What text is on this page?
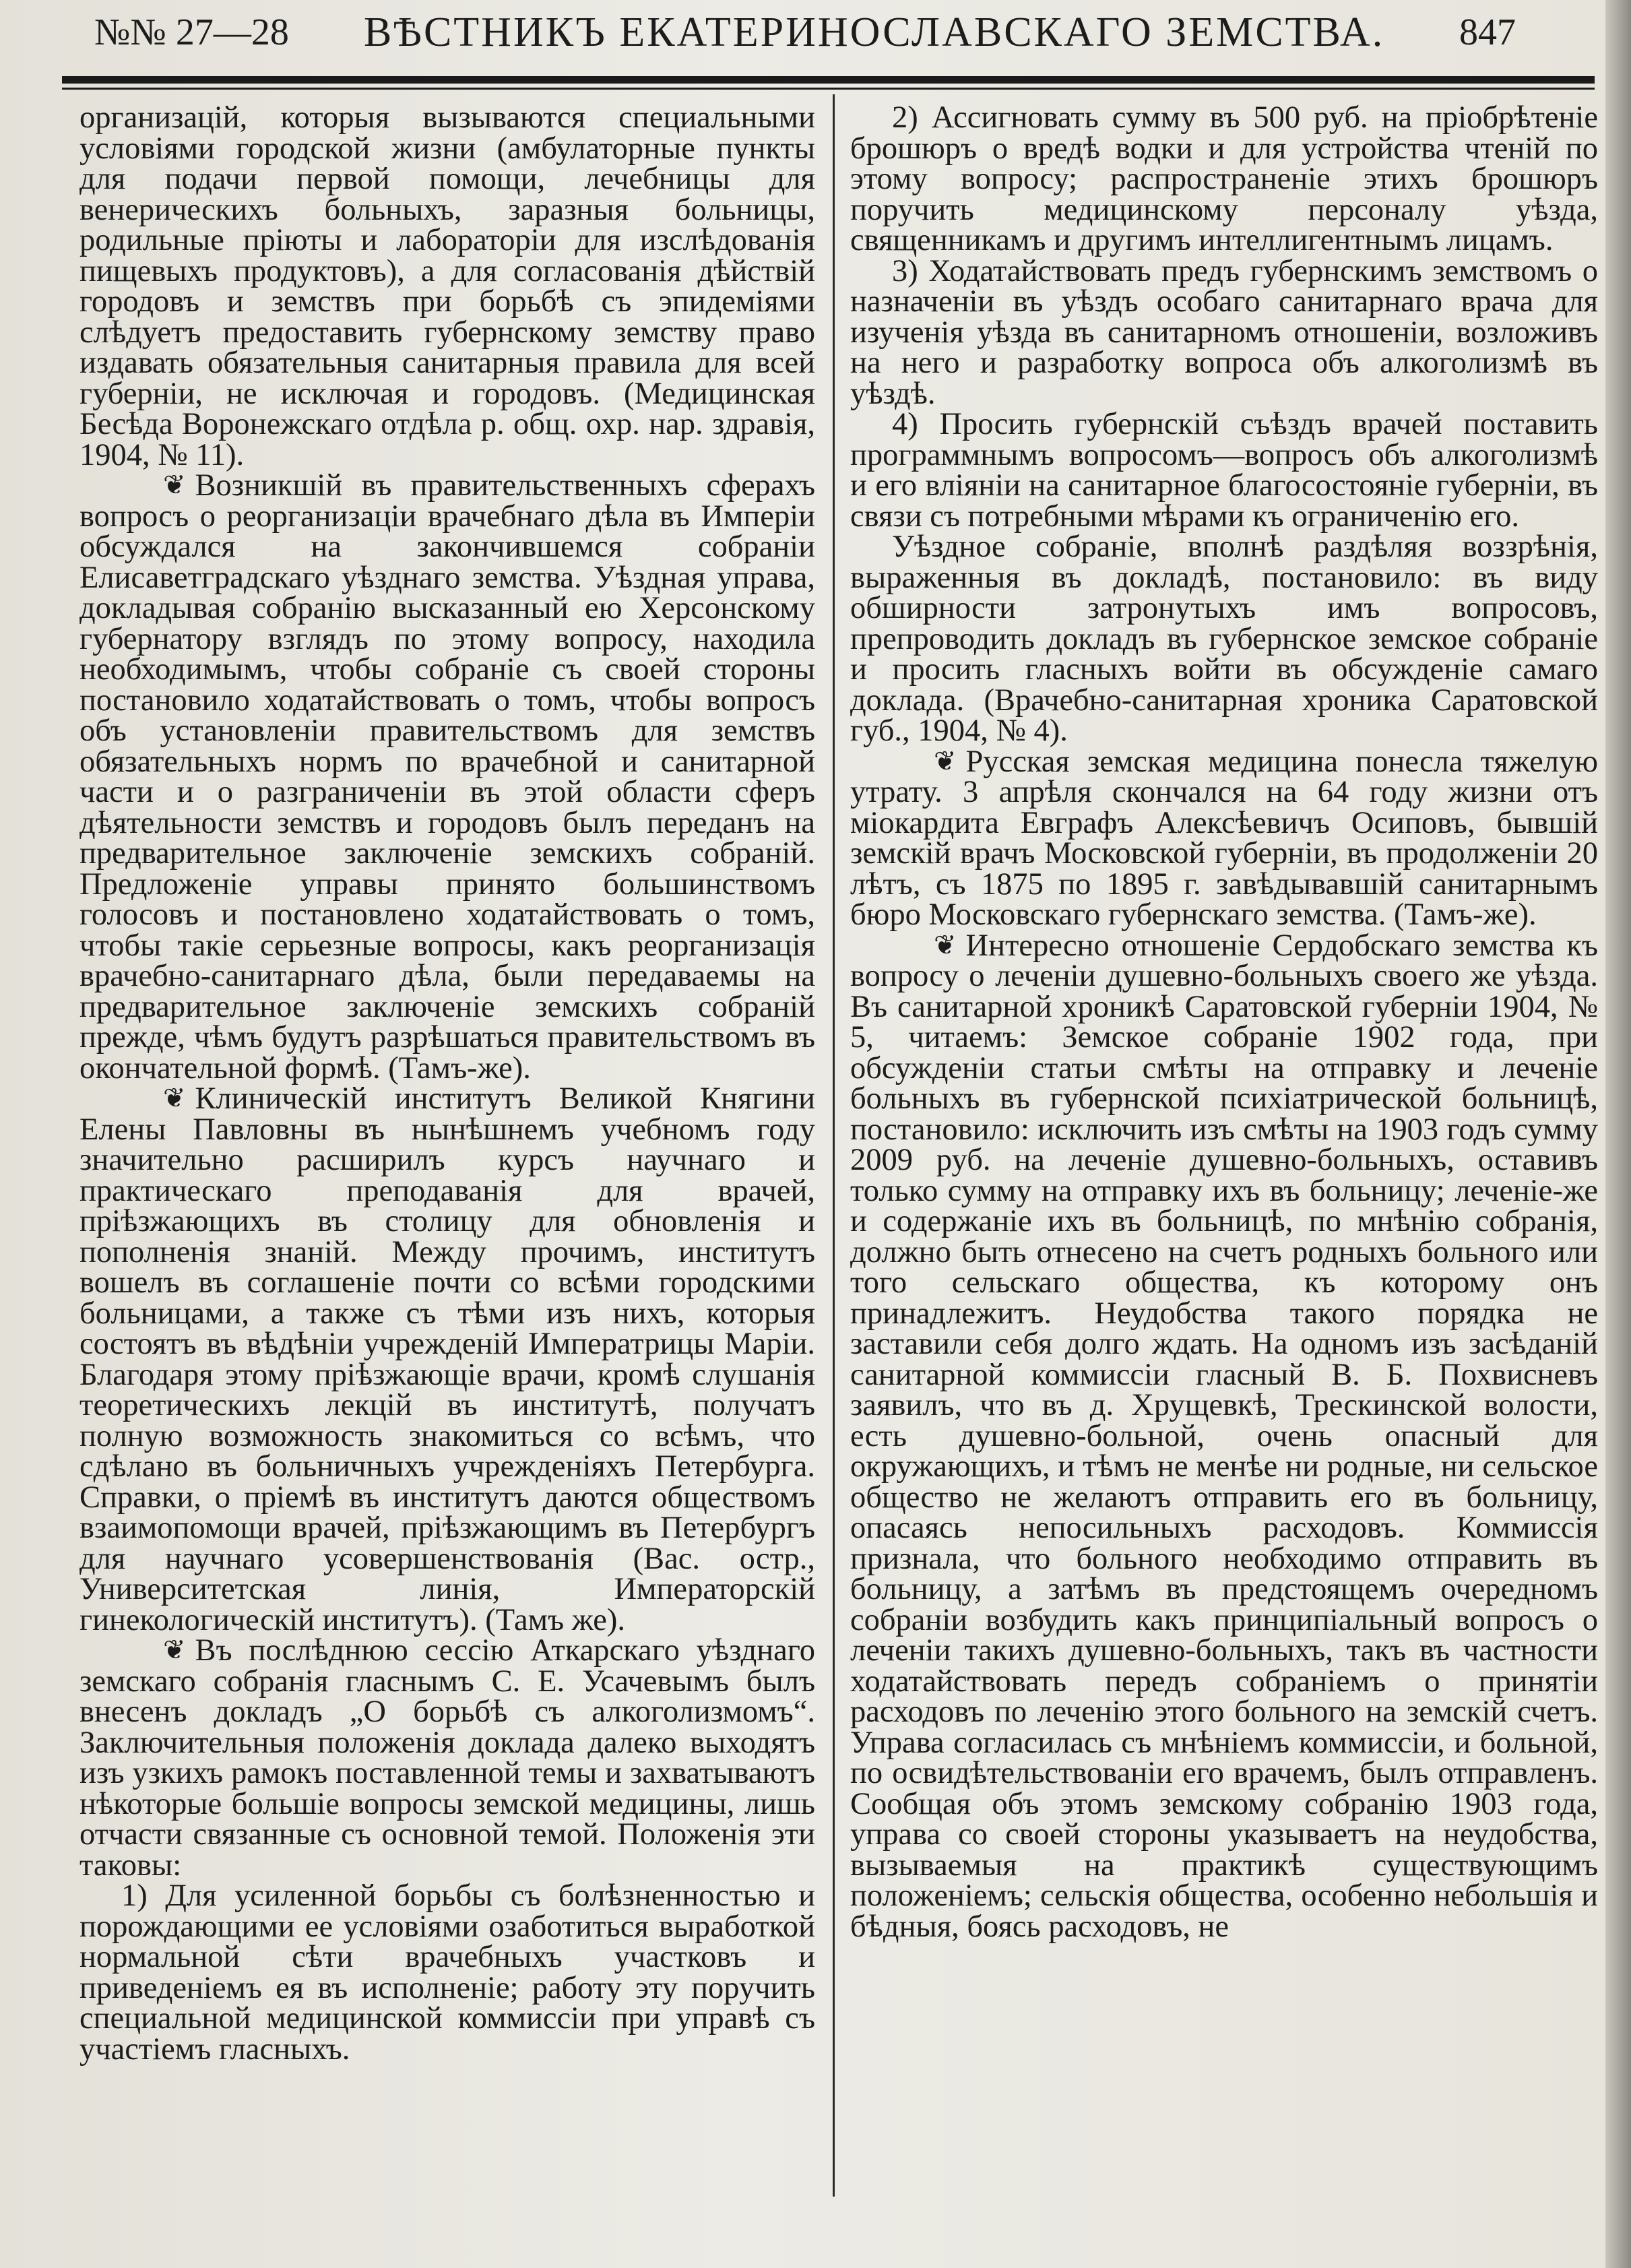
№№ 27—28 ВѢСТНИКЪ ЕКАТЕРИНОСЛАВСКАГО ЗЕМСТВА. 847

организацій, которыя вызываются специальными условіями городской жизни (амбулаторные пункты для подачи первой помощи, лечебницы для венерическихъ больныхъ, заразныя больницы, родильные пріюты и лабораторіи для изслѣдованія пищевыхъ продуктовъ), а для согласованія дѣйствій городовъ и земствъ при борьбѣ съ эпидеміями слѣдуетъ предоставить губернскому земству право издавать обязательныя санитарныя правила для всей губерніи, не исключая и городовъ. (Медицинская Бесѣда Воронежскаго отдѣла р. общ. охр. нар. здравія, 1904, № 11).

❦ Возникшій въ правительственныхъ сферахъ вопросъ о реорганизаціи врачебнаго дѣла въ Имперіи обсуждался на закончившемся собраніи Елисаветградскаго уѣзднаго земства. Уѣздная управа, докладывая собранію высказанный ею Херсонскому губернатору взглядъ по этому вопросу, находила необходимымъ, чтобы собраніе съ своей стороны постановило ходатайствовать о томъ, чтобы вопросъ объ установленіи правительствомъ для земствъ обязательныхъ нормъ по врачебной и санитарной части и о разграниченіи въ этой области сферъ дѣятельности земствъ и городовъ былъ переданъ на предварительное заключеніе земскихъ собраній. Предложеніе управы принято большинствомъ голосовъ и постановлено ходатайствовать о томъ, чтобы такіе серьезные вопросы, какъ реорганизація врачебно-санитарнаго дѣла, были передаваемы на предварительное заключеніе земскихъ собраній прежде, чѣмъ будутъ разрѣшаться правительствомъ въ окончательной формѣ. (Тамъ-же).

❦ Клиническій институтъ Великой Княгини Елены Павловны въ нынѣшнемъ учебномъ году значительно расширилъ курсъ научнаго и практическаго преподаванія для врачей, пріѣзжающихъ въ столицу для обновленія и пополненія знаній. Между прочимъ, институтъ вошелъ въ соглашеніе почти со всѣми городскими больницами, а также съ тѣми изъ нихъ, которыя состоятъ въ вѣдѣніи учрежденій Императрицы Маріи. Благодаря этому пріѣзжающіе врачи, кромѣ слушанія теоретическихъ лекцій въ институтѣ, получатъ полную возможность знакомиться со всѣмъ, что сдѣлано въ больничныхъ учрежденіяхъ Петербурга. Справки, о пріемѣ въ институтъ даются обществомъ взаимопомощи врачей, пріѣзжающимъ въ Петербургъ для научнаго усовершенствованія (Вас. остр., Университетская линія, Императорскій гинекологическій институтъ). (Тамъ же).

❦ Въ послѣднюю сессію Аткарскаго уѣзднаго земскаго собранія гласнымъ С. Е. Усачевымъ былъ внесенъ докладъ „О борьбѣ съ алкоголизмомъ“. Заключительныя положенія доклада далеко выходятъ изъ узкихъ рамокъ поставленной темы и захватываютъ нѣкоторые большіе вопросы земской медицины, лишь отчасти связанные съ основной темой. Положенія эти таковы:

1) Для усиленной борьбы съ болѣзненностью и порождающими ее условіями озаботиться выработкой нормальной сѣти врачебныхъ участковъ и приведеніемъ ея въ исполненіе; работу эту поручить специальной медицинской коммиссіи при управѣ съ участіемъ гласныхъ.

2) Ассигновать сумму въ 500 руб. на пріобрѣтеніе брошюръ о вредѣ водки и для устройства чтеній по этому вопросу; распространеніе этихъ брошюръ поручить медицинскому персоналу уѣзда, священникамъ и другимъ интеллигентнымъ лицамъ.

3) Ходатайствовать предъ губернскимъ земствомъ о назначеніи въ уѣздъ особаго санитарнаго врача для изученія уѣзда въ санитарномъ отношеніи, возложивъ на него и разработку вопроса объ алкоголизмѣ въ уѣздѣ.

4) Просить губернскій съѣздъ врачей поставить программнымъ вопросомъ—вопросъ объ алкоголизмѣ и его вліяніи на санитарное благосостояніе губерніи, въ связи съ потребными мѣрами къ ограниченію его.

Уѣздное собраніе, вполнѣ раздѣляя воззрѣнія, выраженныя въ докладѣ, постановило: въ виду обширности затронутыхъ имъ вопросовъ, препроводить докладъ въ губернское земское собраніе и просить гласныхъ войти въ обсужденіе самаго доклада. (Врачебно-санитарная хроника Саратовской губ., 1904, № 4).

❦ Русская земская медицина понесла тяжелую утрату. 3 апрѣля скончался на 64 году жизни отъ міокардита Евграфъ Алексѣевичъ Осиповъ, бывшій земскій врачъ Московской губерніи, въ продолженіи 20 лѣтъ, съ 1875 по 1895 г. завѣдывавшій санитарнымъ бюро Московскаго губернскаго земства. (Тамъ-же).

❦ Интересно отношеніе Сердобскаго земства къ вопросу о леченіи душевно-больныхъ своего же уѣзда. Въ санитарной хроникѣ Саратовской губерніи 1904, № 5, читаемъ: Земское собраніе 1902 года, при обсужденіи статьи смѣты на отправку и леченіе больныхъ въ губернской психіатрической больницѣ, постановило: исключить изъ смѣты на 1903 годъ сумму 2009 руб. на леченіе душевно-больныхъ, оставивъ только сумму на отправку ихъ въ больницу; леченіе-же и содержаніе ихъ въ больницѣ, по мнѣнію собранія, должно быть отнесено на счетъ родныхъ больного или того сельскаго общества, къ которому онъ принадлежитъ. Неудобства такого порядка не заставили себя долго ждать. На одномъ изъ засѣданій санитарной коммиссіи гласный В. Б. Похвисневъ заявилъ, что въ д. Хрущевкѣ, Трескинской волости, есть душевно-больной, очень опасный для окружающихъ, и тѣмъ не менѣе ни родные, ни сельское общество не желаютъ отправить его въ больницу, опасаясь непосильныхъ расходовъ. Коммиссія признала, что больного необходимо отправить въ больницу, а затѣмъ въ предстоящемъ очередномъ собраніи возбудить какъ принципіальный вопросъ о леченіи такихъ душевно-больныхъ, такъ въ частности ходатайствовать передъ собраніемъ о принятіи расходовъ по леченію этого больного на земскій счетъ. Управа согласилась съ мнѣніемъ коммиссіи, и больной, по освидѣтельствованіи его врачемъ, былъ отправленъ. Сообщая объ этомъ земскому собранію 1903 года, управа со своей стороны указываетъ на неудобства, вызываемыя на практикѣ существующимъ положеніемъ; сельскія общества, особенно небольшія и бѣдныя, боясь расходовъ, не
